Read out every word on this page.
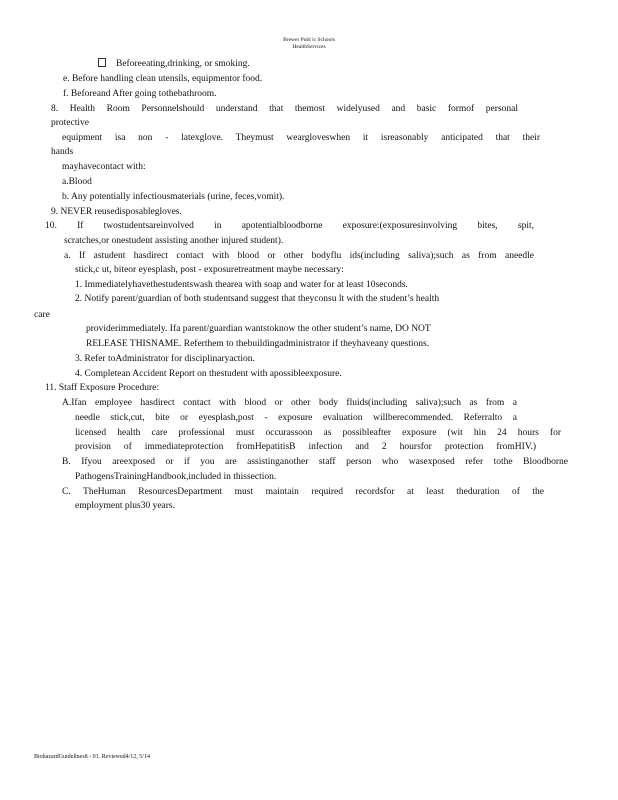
Brewer Publ ic Schools
HealthServices
Beforeeating,drinking, or smoking.
e. Before handling clean utensils, equipmentor food.
f. Beforeand After going tothebathroom.
8. Health Room Personnelshould understand that themost widelyused and basic formof personal
protective
equipment isa non - latexglove. Theymust wearglove​swhen it isreasonably anticipated that their
hands
mayhavecontact with:
a.Blood
b. Any potentially infectiousmaterials (urine, feces,vomit).
9. NEVER reusedisposablegloves.
10. If twostudentsareinvolved in apotentialbloodborne exposure:(exposuresinvolving bites, spit,
scratches,or onestudent assisting another injured student).
a. If astudent hasdirect contact with blood or other bodyflu ids(including saliva);such as from aneedle
stick,c ut, biteor eyesplash, post - exposuretreatment maybe necessary:
1. Immediatelyhavethestudentswash thearea with soap and water for at least 10seconds.
2. Notify parent/guardian of both studentsand suggest that theyconsu lt with the student’s health
care
providerimmediately. Ifa parent/guardian wantstoknow the other student’s name, DO NOT
RELEASE THISNAME. Referthem to thebuildingadministrator if theyhaveany questions.
3. Refer toAdministrator for disciplinaryaction.
4. Completean Accident Report on thestudent with apossibleexposure.
11. Staff Exposure Procedure:
A.Ifan employee hasdirect contact with blood or other body fluids(including saliva);such as from a
needle stick,cut, bite or eyesplash,post - exposure evaluation willberecommended. Referralto a
licensed health care professional must occurassoon as possibleafter exposure (wit hin 24 hours for
provision of immediateprotection fromHepatitisB infection and 2 hoursfor protection fromHIV.)
B. Ifyou areexposed or if you are assistinganother staff person who wasexposed refer tothe Bloodborne
PathogensTrainingHandbook,included in thissection.
C. TheHuman ResourcesDepartment must maintain required recordsfor at least theduration of the
employment plus30 years.
BiohazardGuidelines8 - 01. Reviewed4/12, 5/14
